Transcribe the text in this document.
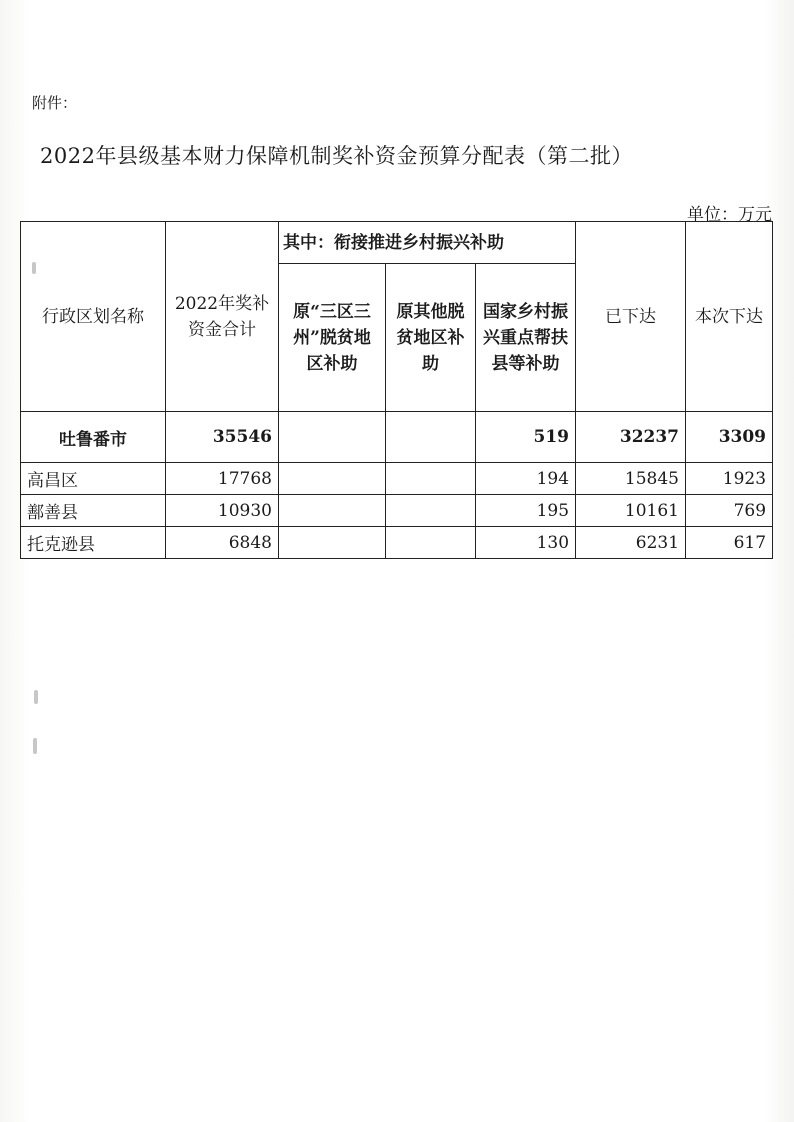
附件：
2022年县级基本财力保障机制奖补资金预算分配表（第二批）
单位：万元
行政区划名称	2022年奖补资金合计	其中：衔接推进乡村振兴补助			已下达	本次下达
		原“三区三州”脱贫地区补助	原其他脱贫地区补助	国家乡村振兴重点帮扶县等补助		
吐鲁番市	35546			519	32237	3309
高昌区	17768			194	15845	1923
鄯善县	10930			195	10161	769
托克逊县	6848			130	6231	617
